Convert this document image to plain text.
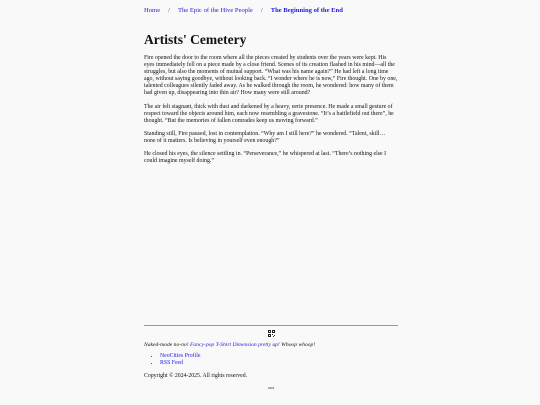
Home / The Epic of the Hive People / The Beginning of the End
Artists' Cemetery

Fire opened the door to the room where all the pieces created by students over the years were kept. His eyes immediately fell on a piece made by a close friend. Scenes of its creation flashed in his mind—all the struggles, but also the moments of mutual support. “What was his name again?” He had left a long time ago, without saying goodbye, without looking back. “I wonder where he is now,” Fire thought. One by one, talented colleagues silently faded away. As he walked through the room, he wondered: how many of them had given up, disappearing into thin air? How many were still around?

The air felt stagnant, thick with dust and darkened by a heavy, eerie presence. He made a small gesture of respect toward the objects around him, each now resembling a gravestone. “It’s a battlefield out there”, he thought. “But the memories of fallen comrades keep us moving forward.”

Standing still, Fire paused, lost in contemplation. “Why am I still here?” he wondered. “Talent, skill… none of it matters. Is believing in yourself even enough?”

He closed his eyes, the silence settling in. “Perseverance,” he whispered at last. “There’s nothing else I could imagine myself doing.”

Naked-mode no-no! Fancy-pop T-Shirt Dimension pretty up! Whoop whoop!
• NeoCities Profile
• RSS Feed
Copyright © 2024-2025. All rights reserved.
0404
